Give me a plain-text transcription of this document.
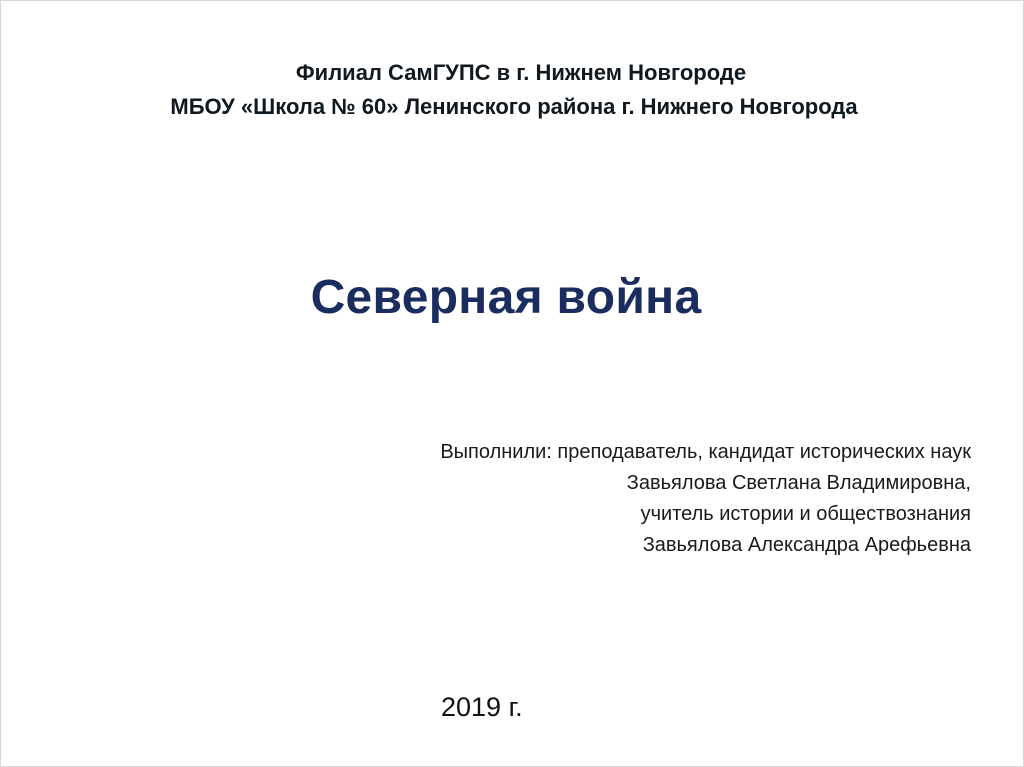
Филиал СамГУПС в г. Нижнем Новгороде
МБОУ «Школа № 60» Ленинского района г. Нижнего Новгорода
Северная война
Выполнили: преподаватель, кандидат исторических наук
Завьялова Светлана Владимировна,
учитель истории и обществознания
Завьялова Александра Арефьевна
2019 г.
